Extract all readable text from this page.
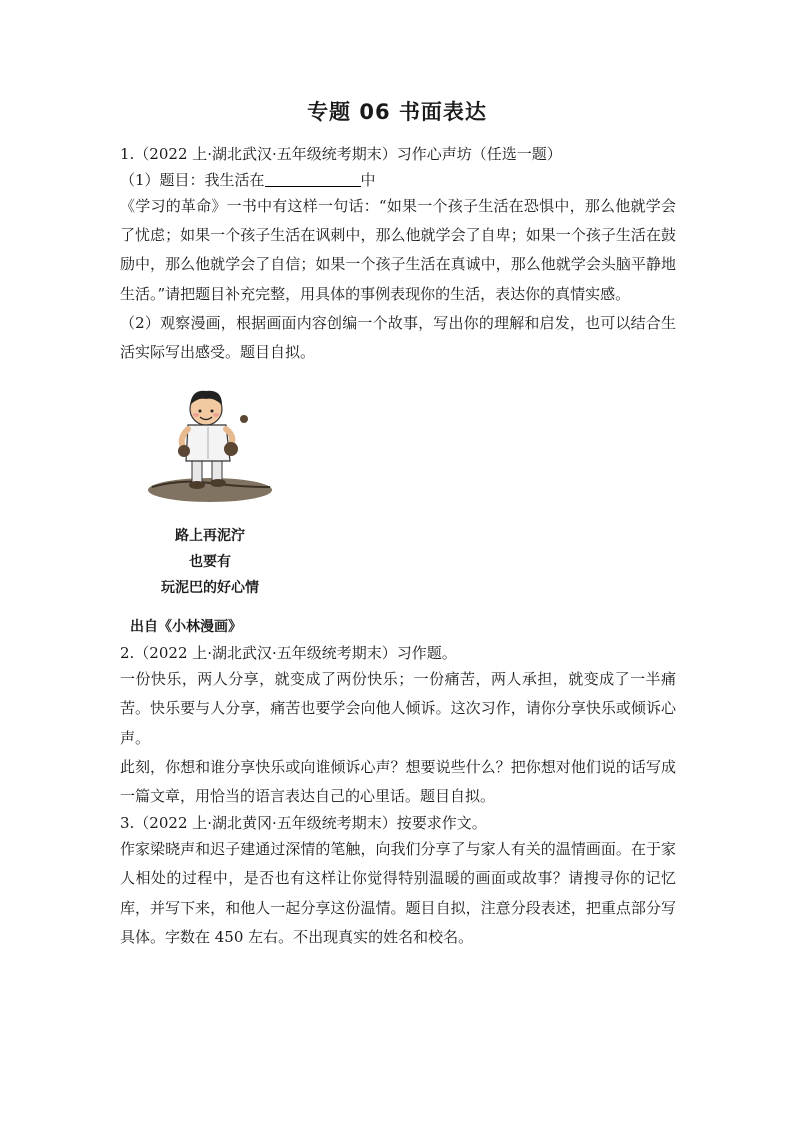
专题 06 书面表达

1.（2022 上·湖北武汉·五年级统考期末）习作心声坊（任选一题）

（1）题目：我生活在	中

《学习的革命》一书中有这样一句话：“如果一个孩子生活在恐惧中，那么他就学会了忧虑；如果一个孩子生活在讽刺中，那么他就学会了自卑；如果一个孩子生活在鼓励中，那么他就学会了自信；如果一个孩子生活在真诚中，那么他就学会头脑平静地生活。”请把题目补充完整，用具体的事例表现你的生活，表达你的真情实感。

（2）观察漫画，根据画面内容创编一个故事，写出你的理解和启发，也可以结合生活实际写出感受。题目自拟。

路上再泥泞
也要有
玩泥巴的好心情
出自《小林漫画》

2.（2022 上·湖北武汉·五年级统考期末）习作题。

一份快乐，两人分享，就变成了两份快乐；一份痛苦，两人承担，就变成了一半痛苦。快乐要与人分享，痛苦也要学会向他人倾诉。这次习作，请你分享快乐或倾诉心声。

此刻，你想和谁分享快乐或向谁倾诉心声？想要说些什么？把你想对他们说的话写成一篇文章，用恰当的语言表达自己的心里话。题目自拟。

3.（2022 上·湖北黄冈·五年级统考期末）按要求作文。

作家梁晓声和迟子建通过深情的笔触，向我们分享了与家人有关的温情画面。在于家人相处的过程中，是否也有这样让你觉得特别温暖的画面或故事？请搜寻你的记忆库，并写下来，和他人一起分享这份温情。题目自拟，注意分段表述，把重点部分写具体。字数在 450 左右。不出现真实的姓名和校名。
